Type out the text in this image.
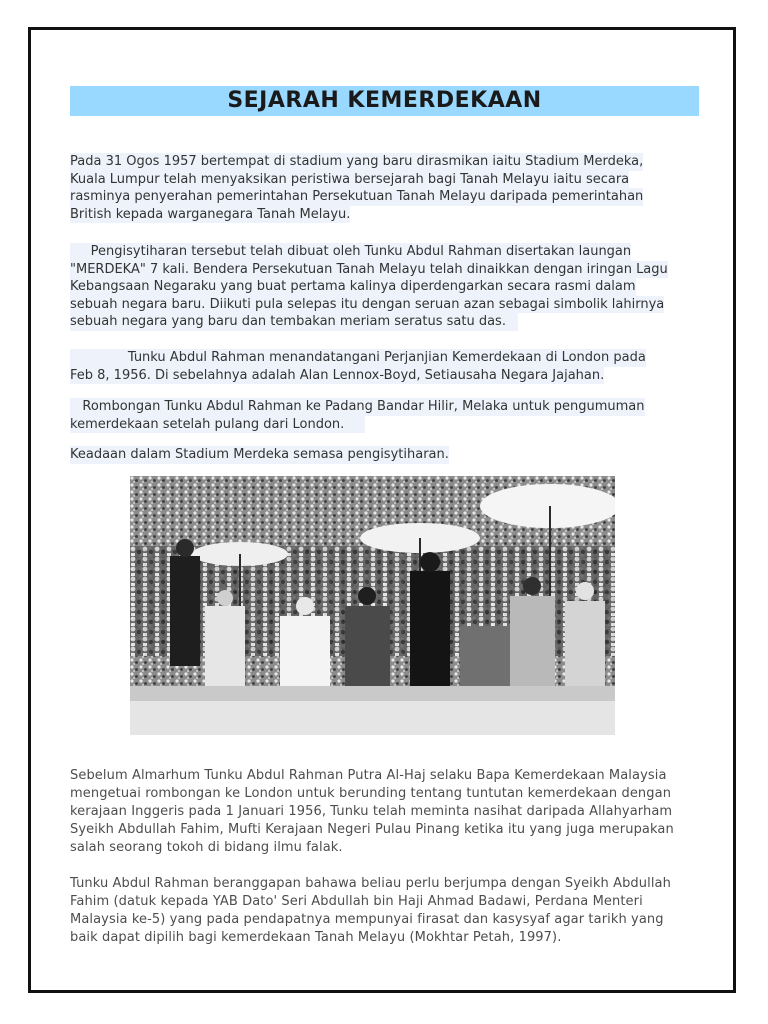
SEJARAH KEMERDEKAAN
Pada 31 Ogos 1957 bertempat di stadium yang baru dirasmikan iaitu Stadium Merdeka,
Kuala Lumpur telah menyaksikan peristiwa bersejarah bagi Tanah Melayu iaitu secara
rasminya penyerahan pemerintahan Persekutuan Tanah Melayu daripada pemerintahan
British kepada warganegara Tanah Melayu.
Pengisytiharan tersebut telah dibuat oleh Tunku Abdul Rahman disertakan laungan
"MERDEKA" 7 kali. Bendera Persekutuan Tanah Melayu telah dinaikkan dengan iringan Lagu
Kebangsaan Negaraku yang buat pertama kalinya diperdengarkan secara rasmi dalam
sebuah negara baru. Diikuti pula selepas itu dengan seruan azan sebagai simbolik lahirnya
sebuah negara yang baru dan tembakan meriam seratus satu das.
Tunku Abdul Rahman menandatangani Perjanjian Kemerdekaan di London pada
Feb 8, 1956. Di sebelahnya adalah Alan Lennox-Boyd, Setiausaha Negara Jajahan.
Rombongan Tunku Abdul Rahman ke Padang Bandar Hilir, Melaka untuk pengumuman
kemerdekaan setelah pulang dari London.
Keadaan dalam Stadium Merdeka semasa pengisytiharan.
Sebelum Almarhum Tunku Abdul Rahman Putra Al-Haj selaku Bapa Kemerdekaan Malaysia
mengetuai rombongan ke London untuk berunding tentang tuntutan kemerdekaan dengan
kerajaan Inggeris pada 1 Januari 1956, Tunku telah meminta nasihat daripada Allahyarham
Syeikh Abdullah Fahim, Mufti Kerajaan Negeri Pulau Pinang ketika itu yang juga merupakan
salah seorang tokoh di bidang ilmu falak.
Tunku Abdul Rahman beranggapan bahawa beliau perlu berjumpa dengan Syeikh Abdullah
Fahim (datuk kepada YAB Dato' Seri Abdullah bin Haji Ahmad Badawi, Perdana Menteri
Malaysia ke-5) yang pada pendapatnya mempunyai firasat dan kasysyaf agar tarikh yang
baik dapat dipilih bagi kemerdekaan Tanah Melayu (Mokhtar Petah, 1997).
